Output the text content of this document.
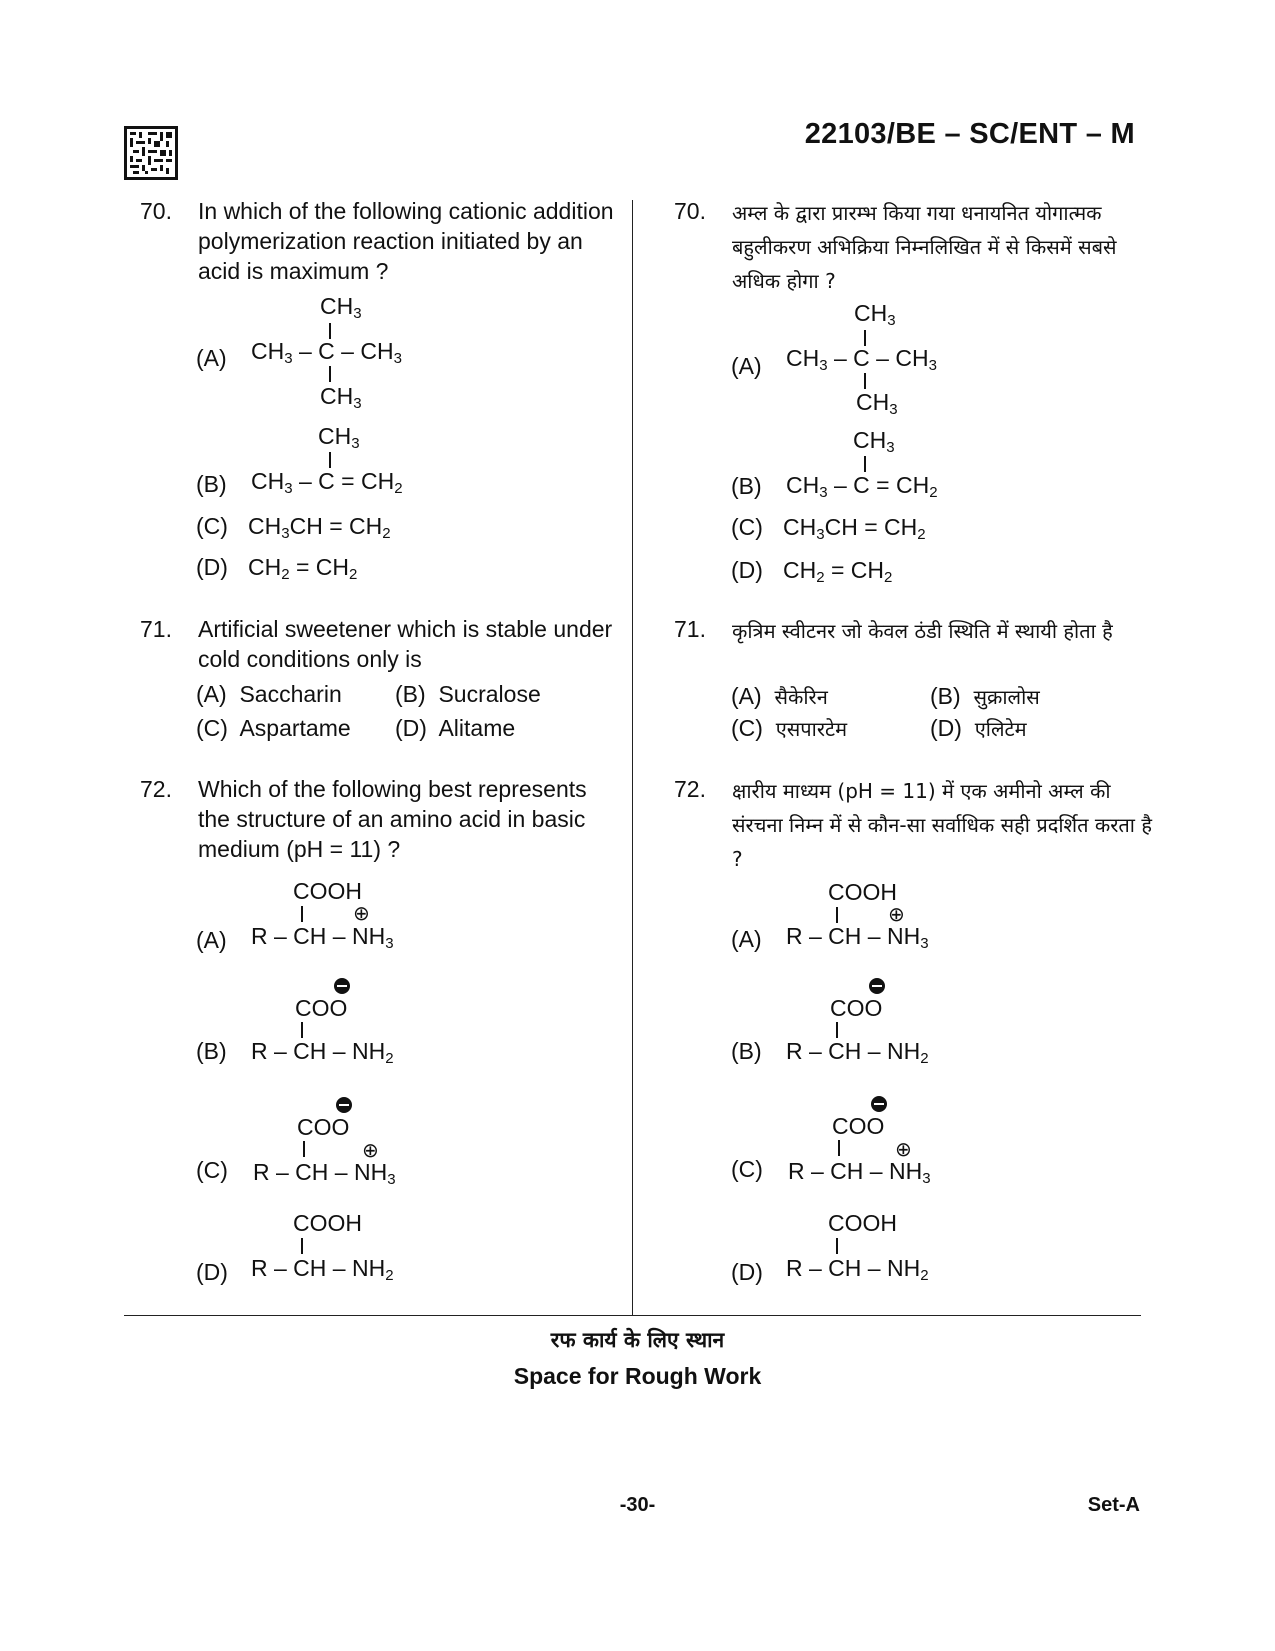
22103/BE – SC/ENT – M
70. In which of the following cationic addition polymerization reaction initiated by an acid is maximum ?
(A)
$CH_3$
$CH_3$ – C – $CH_3$
$CH_3$
(B)
$CH_3$
$CH_3 - C = CH_2$
(C) $CH_3CH = CH_2$
(D) $CH_2 = CH_2$
71. Artificial sweetener which is stable under cold conditions only is
(A) Saccharin (B) Sucralose
(C) Aspartame (D) Alitame
72. Which of the following best represents the structure of an amino acid in basic medium (pH = 11) ?
(A)
COOH
⊕
R – CH – $NH_3$
(B)
COO
R – CH – $NH_2$
(C)
COO
⊕
R – CH – $NH_3$
(D)
COOH
R – CH – $NH_2$
70. अम्ल के द्वारा प्रारम्भ किया गया धनायनित योगात्मक बहुलीकरण अभिक्रिया निम्नलिखित में से किसमें सबसे अधिक होगा ?
(A)
$CH_3$
$CH_3$ – C – $CH_3$
$CH_3$
(B)
$CH_3$
$CH_3 - C = CH_2$
(C) $CH_3CH = CH_2$
(D) $CH_2 = CH_2$
71. कृत्रिम स्वीटनर जो केवल ठंडी स्थिति में स्थायी होता है
(A) सैकेरिन	(B) सुक्रालोस
(C) एसपारटेम	(D) एलिटेम
72. क्षारीय माध्यम (pH = 11) में एक अमीनो अम्ल की संरचना निम्न में से कौन-सा सर्वाधिक सही प्रदर्शित करता है ?
(A)
COOH
⊕
R – CH – $NH_3$
(B)
COO
R – CH – $NH_2$
(C)
COO
⊕
R – CH – $NH_3$
(D)
COOH
R – CH – $NH_2$
रफ कार्य के लिए स्थान
Space for Rough Work
-30-	Set-A
